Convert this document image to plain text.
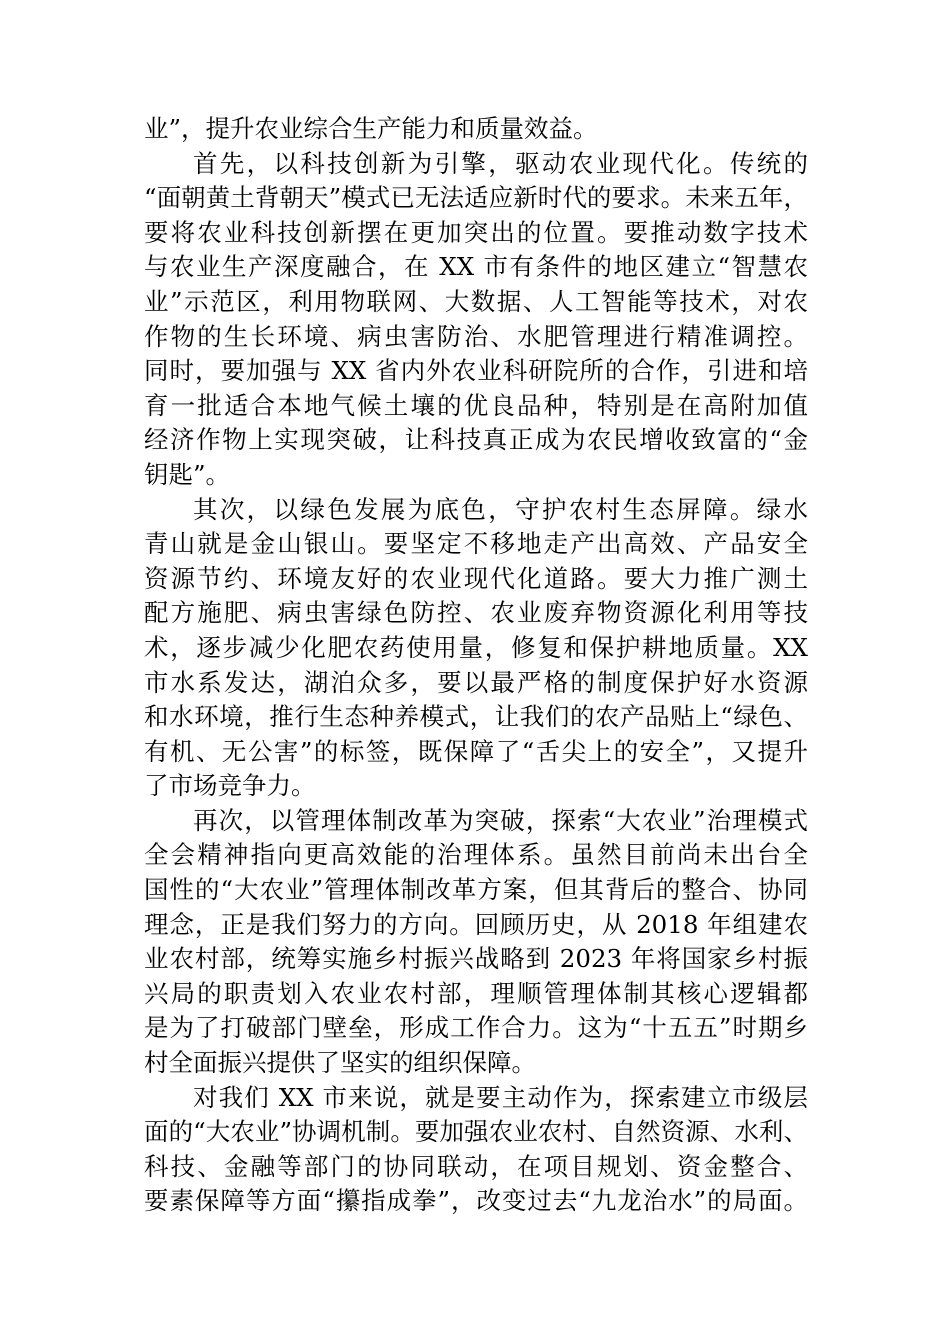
业”，提升农业综合生产能力和质量效益。
首先，以科技创新为引擎，驱动农业现代化。传统的
“面朝黄土背朝天”模式已无法适应新时代的要求。未来五年，
要将农业科技创新摆在更加突出的位置。要推动数字技术
与农业生产深度融合，在 XX 市有条件的地区建立“智慧农
业”示范区，利用物联网、大数据、人工智能等技术，对农
作物的生长环境、病虫害防治、水肥管理进行精准调控。
同时，要加强与 XX 省内外农业科研院所的合作，引进和培
育一批适合本地气候土壤的优良品种，特别是在高附加值
经济作物上实现突破，让科技真正成为农民增收致富的“金
钥匙”。
其次，以绿色发展为底色，守护农村生态屏障。绿水
青山就是金山银山。要坚定不移地走产出高效、产品安全
资源节约、环境友好的农业现代化道路。要大力推广测土
配方施肥、病虫害绿色防控、农业废弃物资源化利用等技
术，逐步减少化肥农药使用量，修复和保护耕地质量。XX
市水系发达，湖泊众多，要以最严格的制度保护好水资源
和水环境，推行生态种养模式，让我们的农产品贴上“绿色、
有机、无公害”的标签，既保障了“舌尖上的安全”，又提升
了市场竞争力。
再次，以管理体制改革为突破，探索“大农业”治理模式
全会精神指向更高效能的治理体系。虽然目前尚未出台全
国性的“大农业”管理体制改革方案，但其背后的整合、协同
理念，正是我们努力的方向。回顾历史，从 2018 年组建农
业农村部，统筹实施乡村振兴战略到 2023 年将国家乡村振
兴局的职责划入农业农村部，理顺管理体制其核心逻辑都
是为了打破部门壁垒，形成工作合力。这为“十五五”时期乡
村全面振兴提供了坚实的组织保障。
对我们 XX 市来说，就是要主动作为，探索建立市级层
面的“大农业”协调机制。要加强农业农村、自然资源、水利、
科技、金融等部门的协同联动，在项目规划、资金整合、
要素保障等方面“攥指成拳”，改变过去“九龙治水”的局面。
